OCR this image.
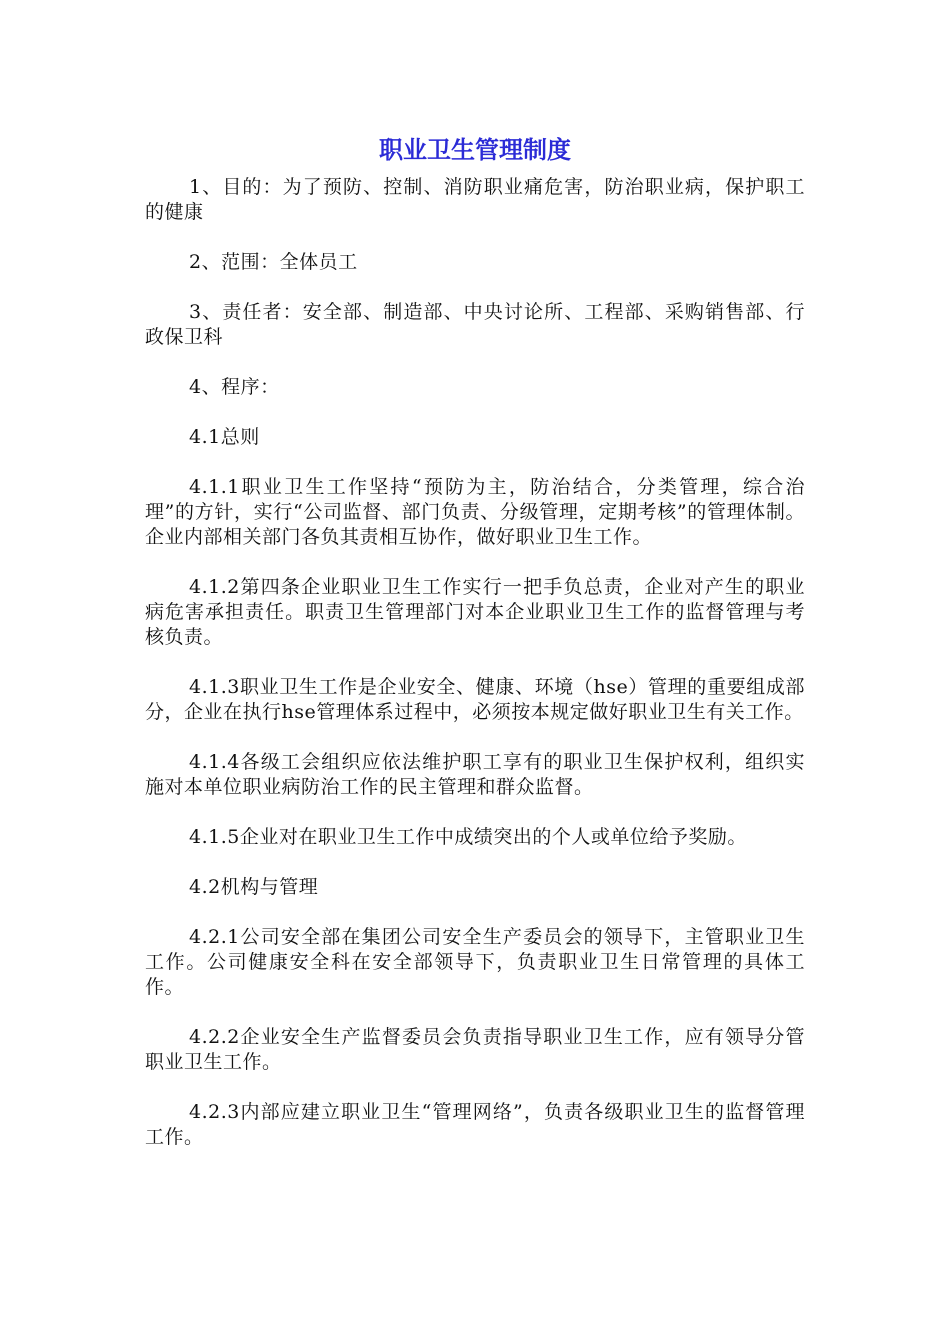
职业卫生管理制度

1、目的：为了预防、控制、消防职业痛危害，防治职业病，保护职工的健康

2、范围：全体员工

3、责任者：安全部、制造部、中央讨论所、工程部、采购销售部、行政保卫科

4、程序：

4.1总则

4.1.1职业卫生工作坚持“预防为主，防治结合，分类管理，综合治理”的方针，实行“公司监督、部门负责、分级管理，定期考核”的管理体制。企业内部相关部门各负其责相互协作，做好职业卫生工作。

4.1.2第四条企业职业卫生工作实行一把手负总责，企业对产生的职业病危害承担责任。职责卫生管理部门对本企业职业卫生工作的监督管理与考核负责。

4.1.3职业卫生工作是企业安全、健康、环境（hse）管理的重要组成部分，企业在执行hse管理体系过程中，必须按本规定做好职业卫生有关工作。

4.1.4各级工会组织应依法维护职工享有的职业卫生保护权利，组织实施对本单位职业病防治工作的民主管理和群众监督。

4.1.5企业对在职业卫生工作中成绩突出的个人或单位给予奖励。

4.2机构与管理

4.2.1公司安全部在集团公司安全生产委员会的领导下，主管职业卫生工作。公司健康安全科在安全部领导下，负责职业卫生日常管理的具体工作。

4.2.2企业安全生产监督委员会负责指导职业卫生工作，应有领导分管职业卫生工作。

4.2.3内部应建立职业卫生“管理网络”，负责各级职业卫生的监督管理工作。
